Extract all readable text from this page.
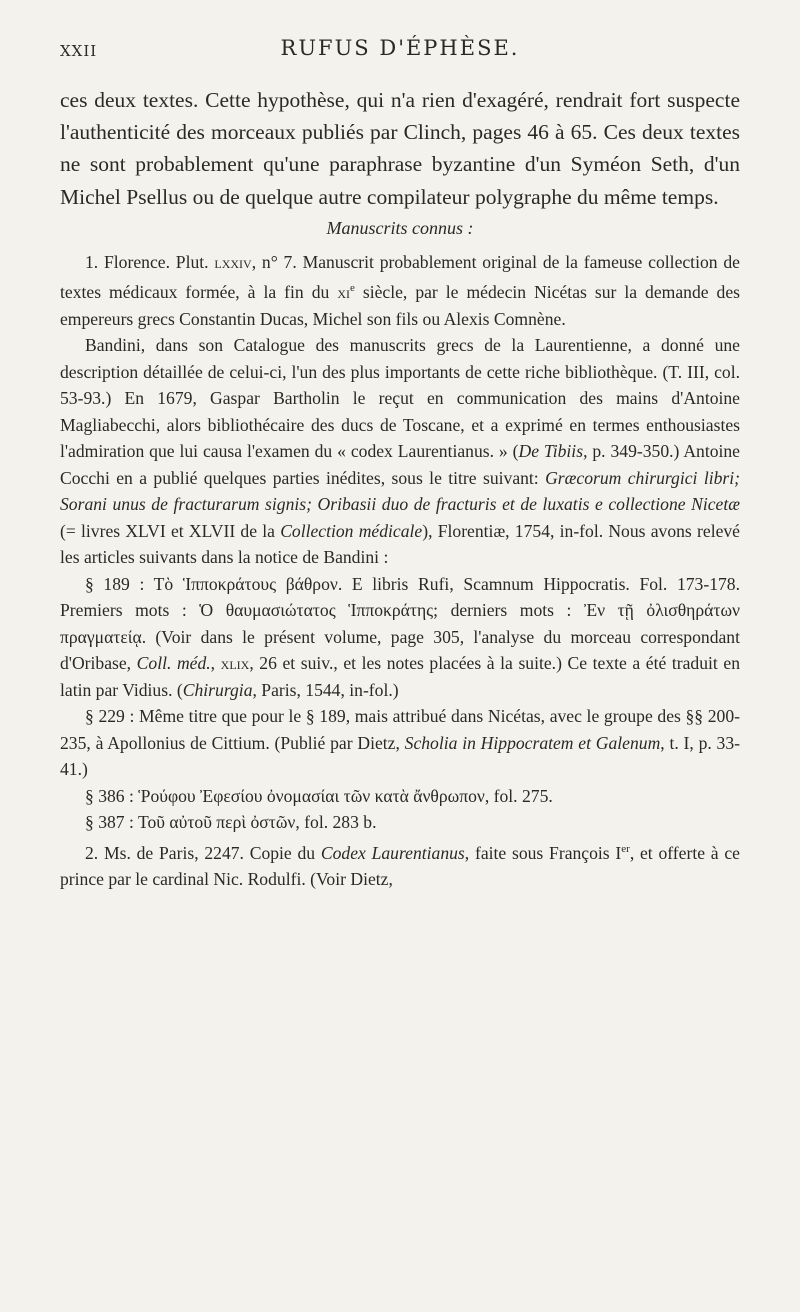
XXII	RUFUS D'ÉPHÈSE.

ces deux textes. Cette hypothèse, qui n'a rien d'exagéré, rendrait fort suspecte l'authenticité des morceaux publiés par Clinch, pages 46 à 65. Ces deux textes ne sont probablement qu'une paraphrase byzantine d'un Syméon Seth, d'un Michel Psellus ou de quelque autre compilateur polygraphe du même temps.

Manuscrits connus :

1. Florence. Plut. lxxiv, n° 7. Manuscrit probablement original de la fameuse collection de textes médicaux formée, à la fin du $xi^e$ siècle, par le médecin Nicétas sur la demande des empereurs grecs Constantin Ducas, Michel son fils ou Alexis Comnène.

Bandini, dans son Catalogue des manuscrits grecs de la Laurentienne, a donné une description détaillée de celui-ci, l'un des plus importants de cette riche bibliothèque. (T. III, col. 53-93.) En 1679, Gaspar Bartholin le reçut en communication des mains d'Antoine Magliabecchi, alors bibliothécaire des ducs de Toscane, et a exprimé en termes enthousiastes l'admiration que lui causa l'examen du « codex Laurentianus. » (De Tibiis, p. 349-350.) Antoine Cocchi en a publié quelques parties inédites, sous le titre suivant: Græcorum chirurgici libri; Sorani unus de fracturarum signis; Oribasii duo de fracturis et de luxatis e collectione Nicetæ (= livres XLVI et XLVII de la Collection médicale), Florentiæ, 1754, in-fol. Nous avons relevé les articles suivants dans la notice de Bandini :

§ 189 : Τὸ Ἱπποκράτους βάθρον. E libris Rufi, Scamnum Hippocratis. Fol. 173-178. Premiers mots : Ὁ θαυμασιώτατος Ἱπποκράτης; derniers mots : Ἐν τῇ ὀλισθηράτων πραγματείᾳ. (Voir dans le présent volume, page 305, l'analyse du morceau correspondant d'Oribase, Coll. méd., xlix, 26 et suiv., et les notes placées à la suite.) Ce texte a été traduit en latin par Vidius. (Chirurgia, Paris, 1544, in-fol.)

§ 229 : Même titre que pour le § 189, mais attribué dans Nicétas, avec le groupe des §§ 200-235, à Apollonius de Cittium. (Publié par Dietz, Scholia in Hippocratem et Galenum, t. I, p. 33-41.)

§ 386 : Ῥούφου Ἐφεσίου ὀνομασίαι τῶν κατὰ ἄνθρωπον, fol. 275.

§ 387 : Τοῦ αὐτοῦ περὶ ὀστῶν, fol. 283 b.

2. Ms. de Paris, 2247. Copie du Codex Laurentianus, faite sous François Ier, et offerte à ce prince par le cardinal Nic. Rodulfi. (Voir Dietz,
